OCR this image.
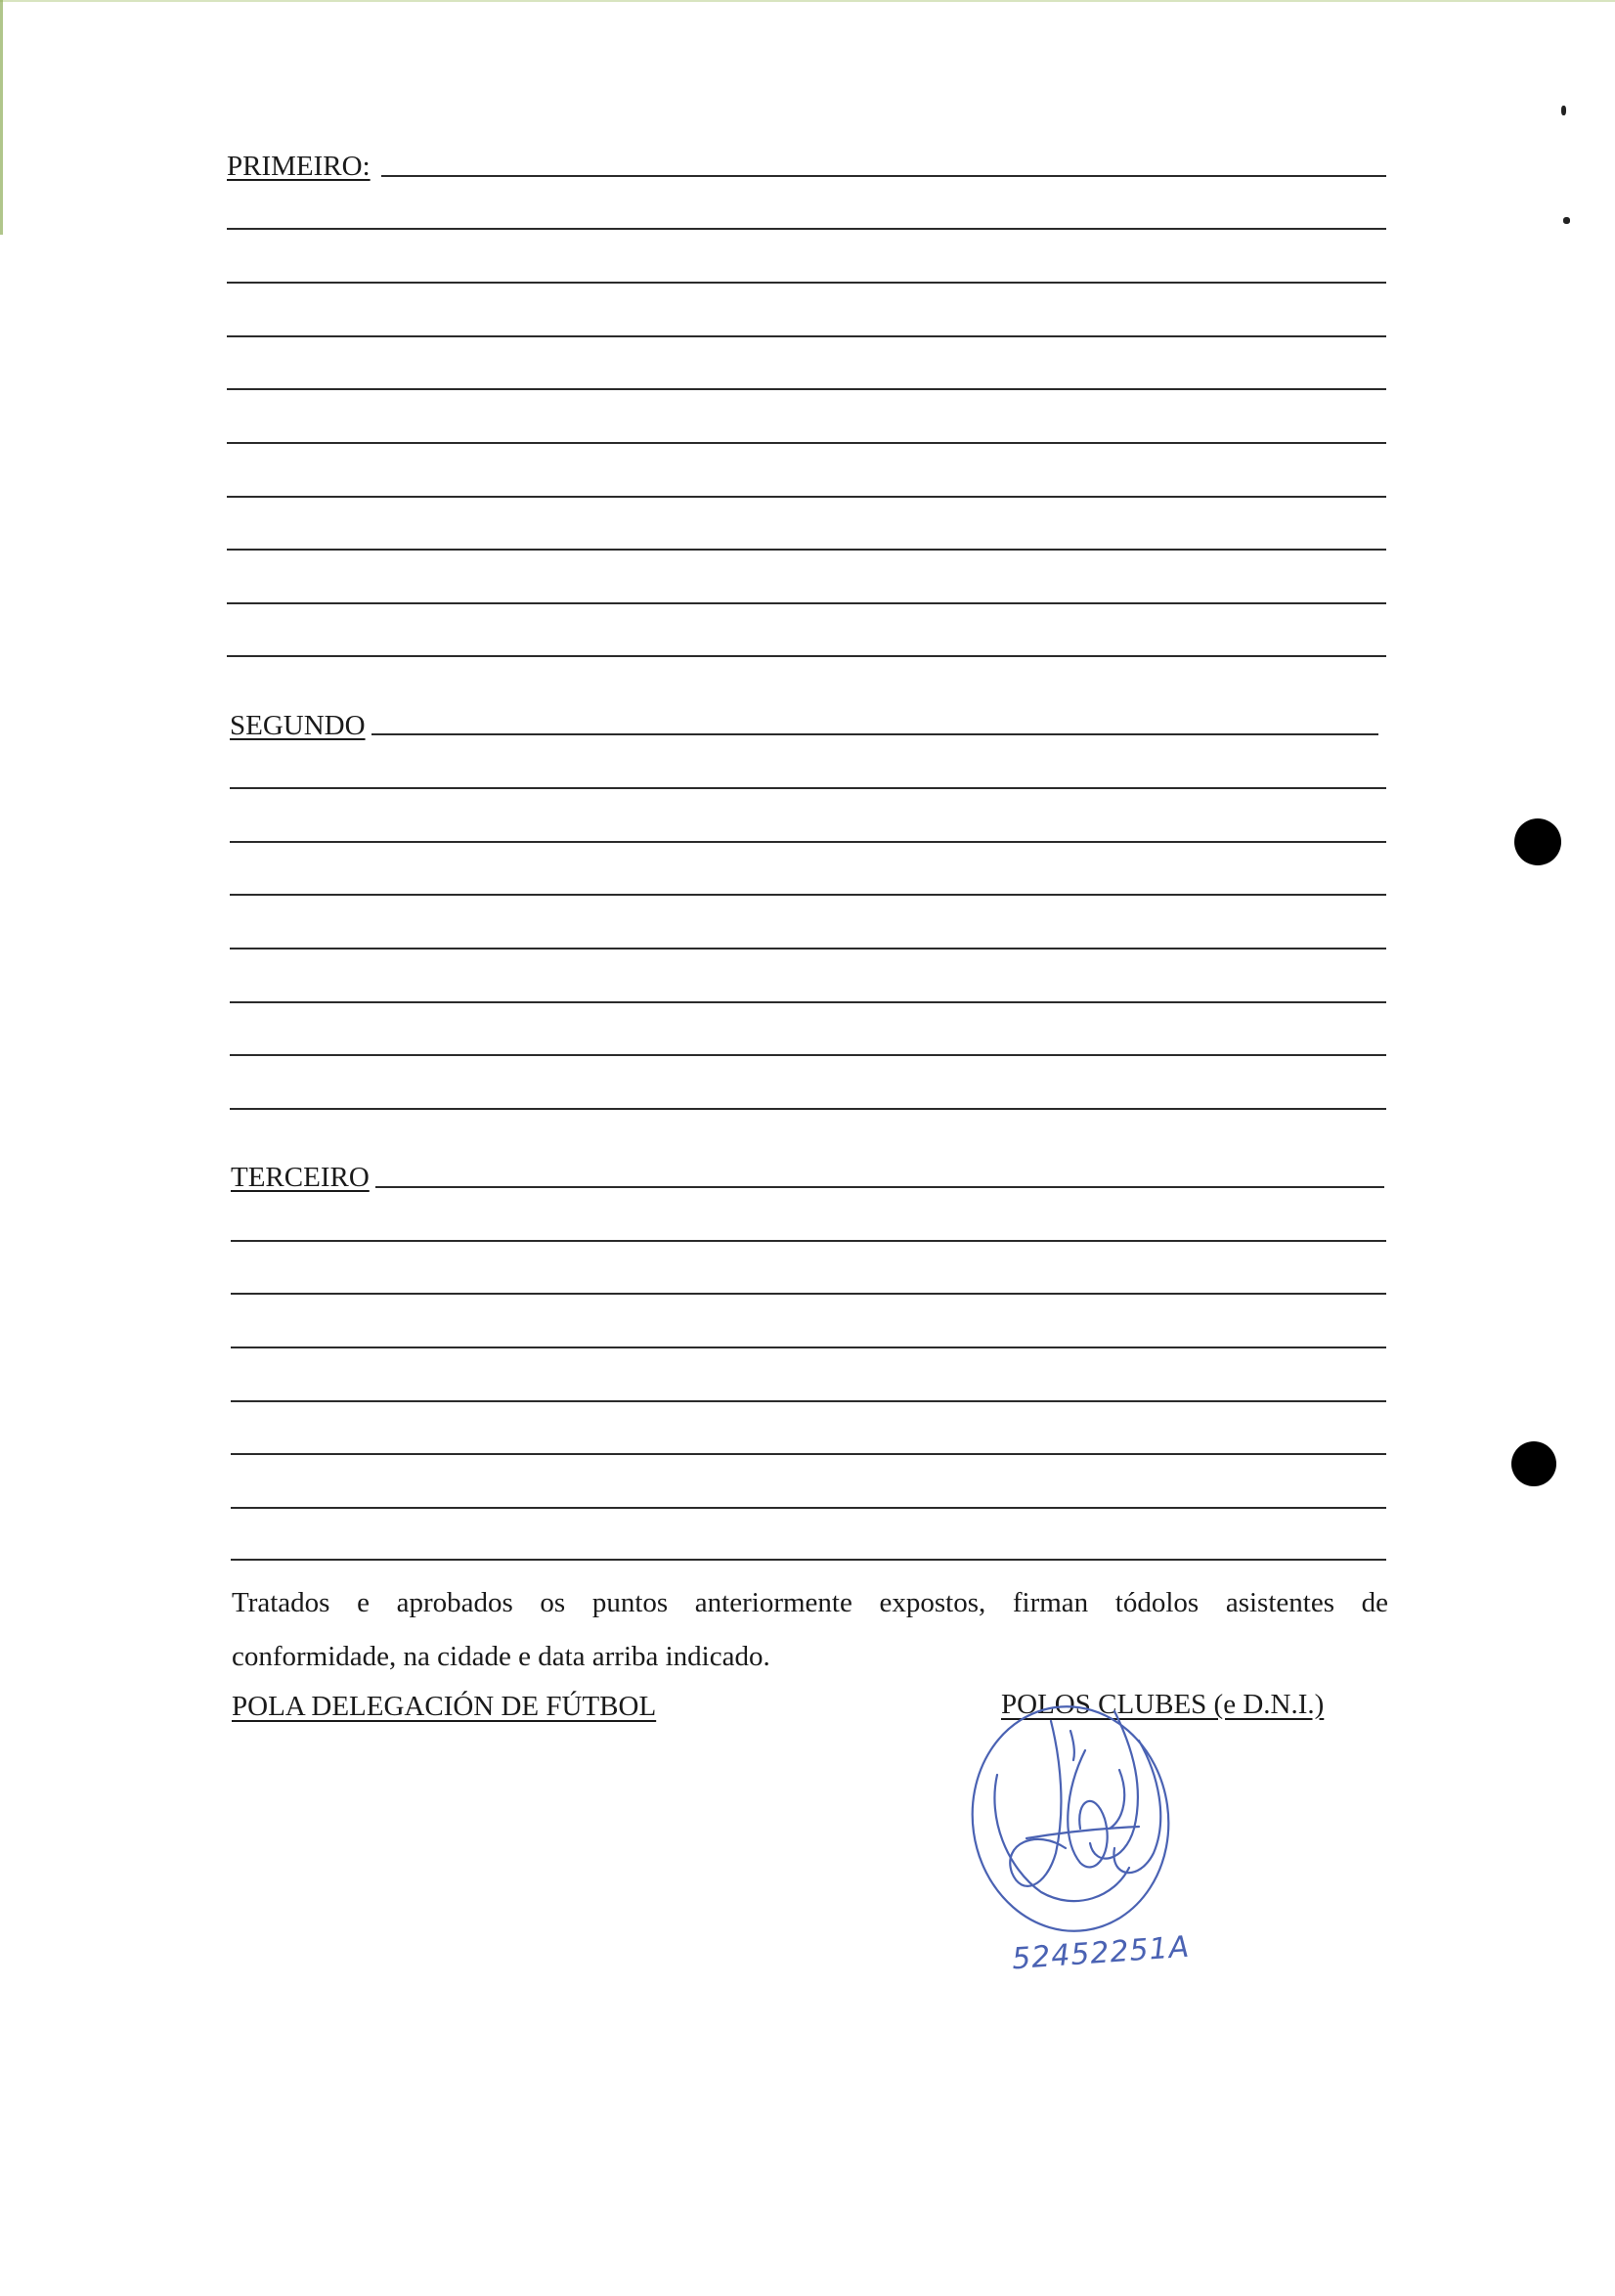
PRIMEIRO:
SEGUNDO
TERCEIRO
Tratados e aprobados os puntos anteriormente expostos, firman tódolos asistentes de
conformidade, na cidade e data arriba indicado.
POLA DELEGACIÓN DE FÚTBOL	POLOS CLUBES (e D.N.I.)
52452251A
